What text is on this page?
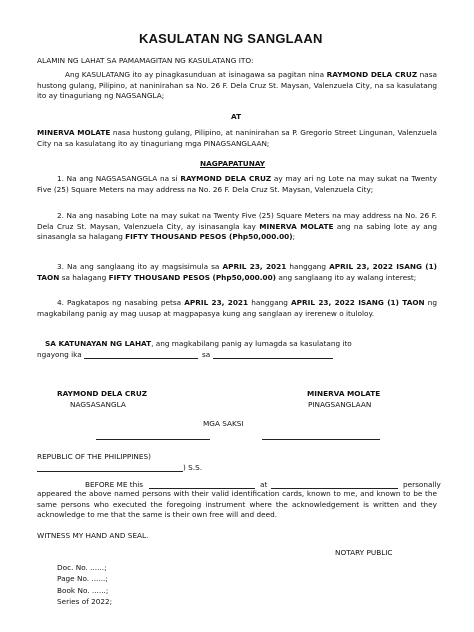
KASULATAN NG SANGLAAN
ALAMIN NG LAHAT SA PAMAMAGITAN NG KASULATANG ITO:
Ang KASULATANG ito ay pinagkasunduan at isinagawa sa pagitan nina RAYMOND DELA CRUZ nasa hustong gulang, Pilipino, at naninirahan sa No. 26 F. Dela Cruz St. Maysan, Valenzuela City, na sa kasulatang ito ay tinaguriang ng NAGSANGLA;
AT
MINERVA MOLATE nasa hustong gulang, Pilipino, at naninirahan sa P. Gregorio Street Lingunan, Valenzuela City na sa kasulatang ito ay tinaguriang mga PINAGSANGLAAN;
NAGPAPATUNAY
1. Na ang NAGSASANGGLA na si RAYMOND DELA CRUZ ay may ari ng Lote na may sukat na Twenty Five (25) Square Meters na may address na No. 26 F. Dela Cruz St. Maysan, Valenzuela City;
2. Na ang nasabing Lote na may sukat na Twenty Five (25) Square Meters na may address na No. 26 F. Dela Cruz St. Maysan, Valenzuela City, ay isinasangla kay MINERVA MOLATE ang na sabing lote ay ang sinasangla sa halagang FIFTY THOUSAND PESOS (Php50,000.00);
3. Na ang sanglaang ito ay magsisimula sa APRIL 23, 2021 hanggang APRIL 23, 2022 ISANG (1) TAON sa halagang FIFTY THOUSAND PESOS (Php50,000.00) ang sanglaang ito ay walang interest;
4. Pagkatapos ng nasabing petsa APRIL 23, 2021 hanggang APRIL 23, 2022 ISANG (1) TAON ng magkabilang panig ay mag uusap at magpapasya kung ang sanglaan ay irerenew o ituloloy.
SA KATUNAYAN NG LAHAT, ang magkabilang panig ay lumagda sa kasulatang ito
ngayong ika	sa
RAYMOND DELA CRUZ
NAGSASANGLA
MINERVA MOLATE
PINAGSANGLAAN
MGA SAKSI
REPUBLIC OF THE PHILIPPINES)
) S.S.
BEFORE ME this	at	personally
appeared the above named persons with their valid identification cards, known to me, and known to be the same persons who executed the foregoing instrument where the acknowledgement is written and they acknowledge to me that the same is their own free will and deed.
WITNESS MY HAND AND SEAL.
NOTARY PUBLIC
Doc. No. ......;
Page No. ......;
Book No. ......;
Series of 2022;
